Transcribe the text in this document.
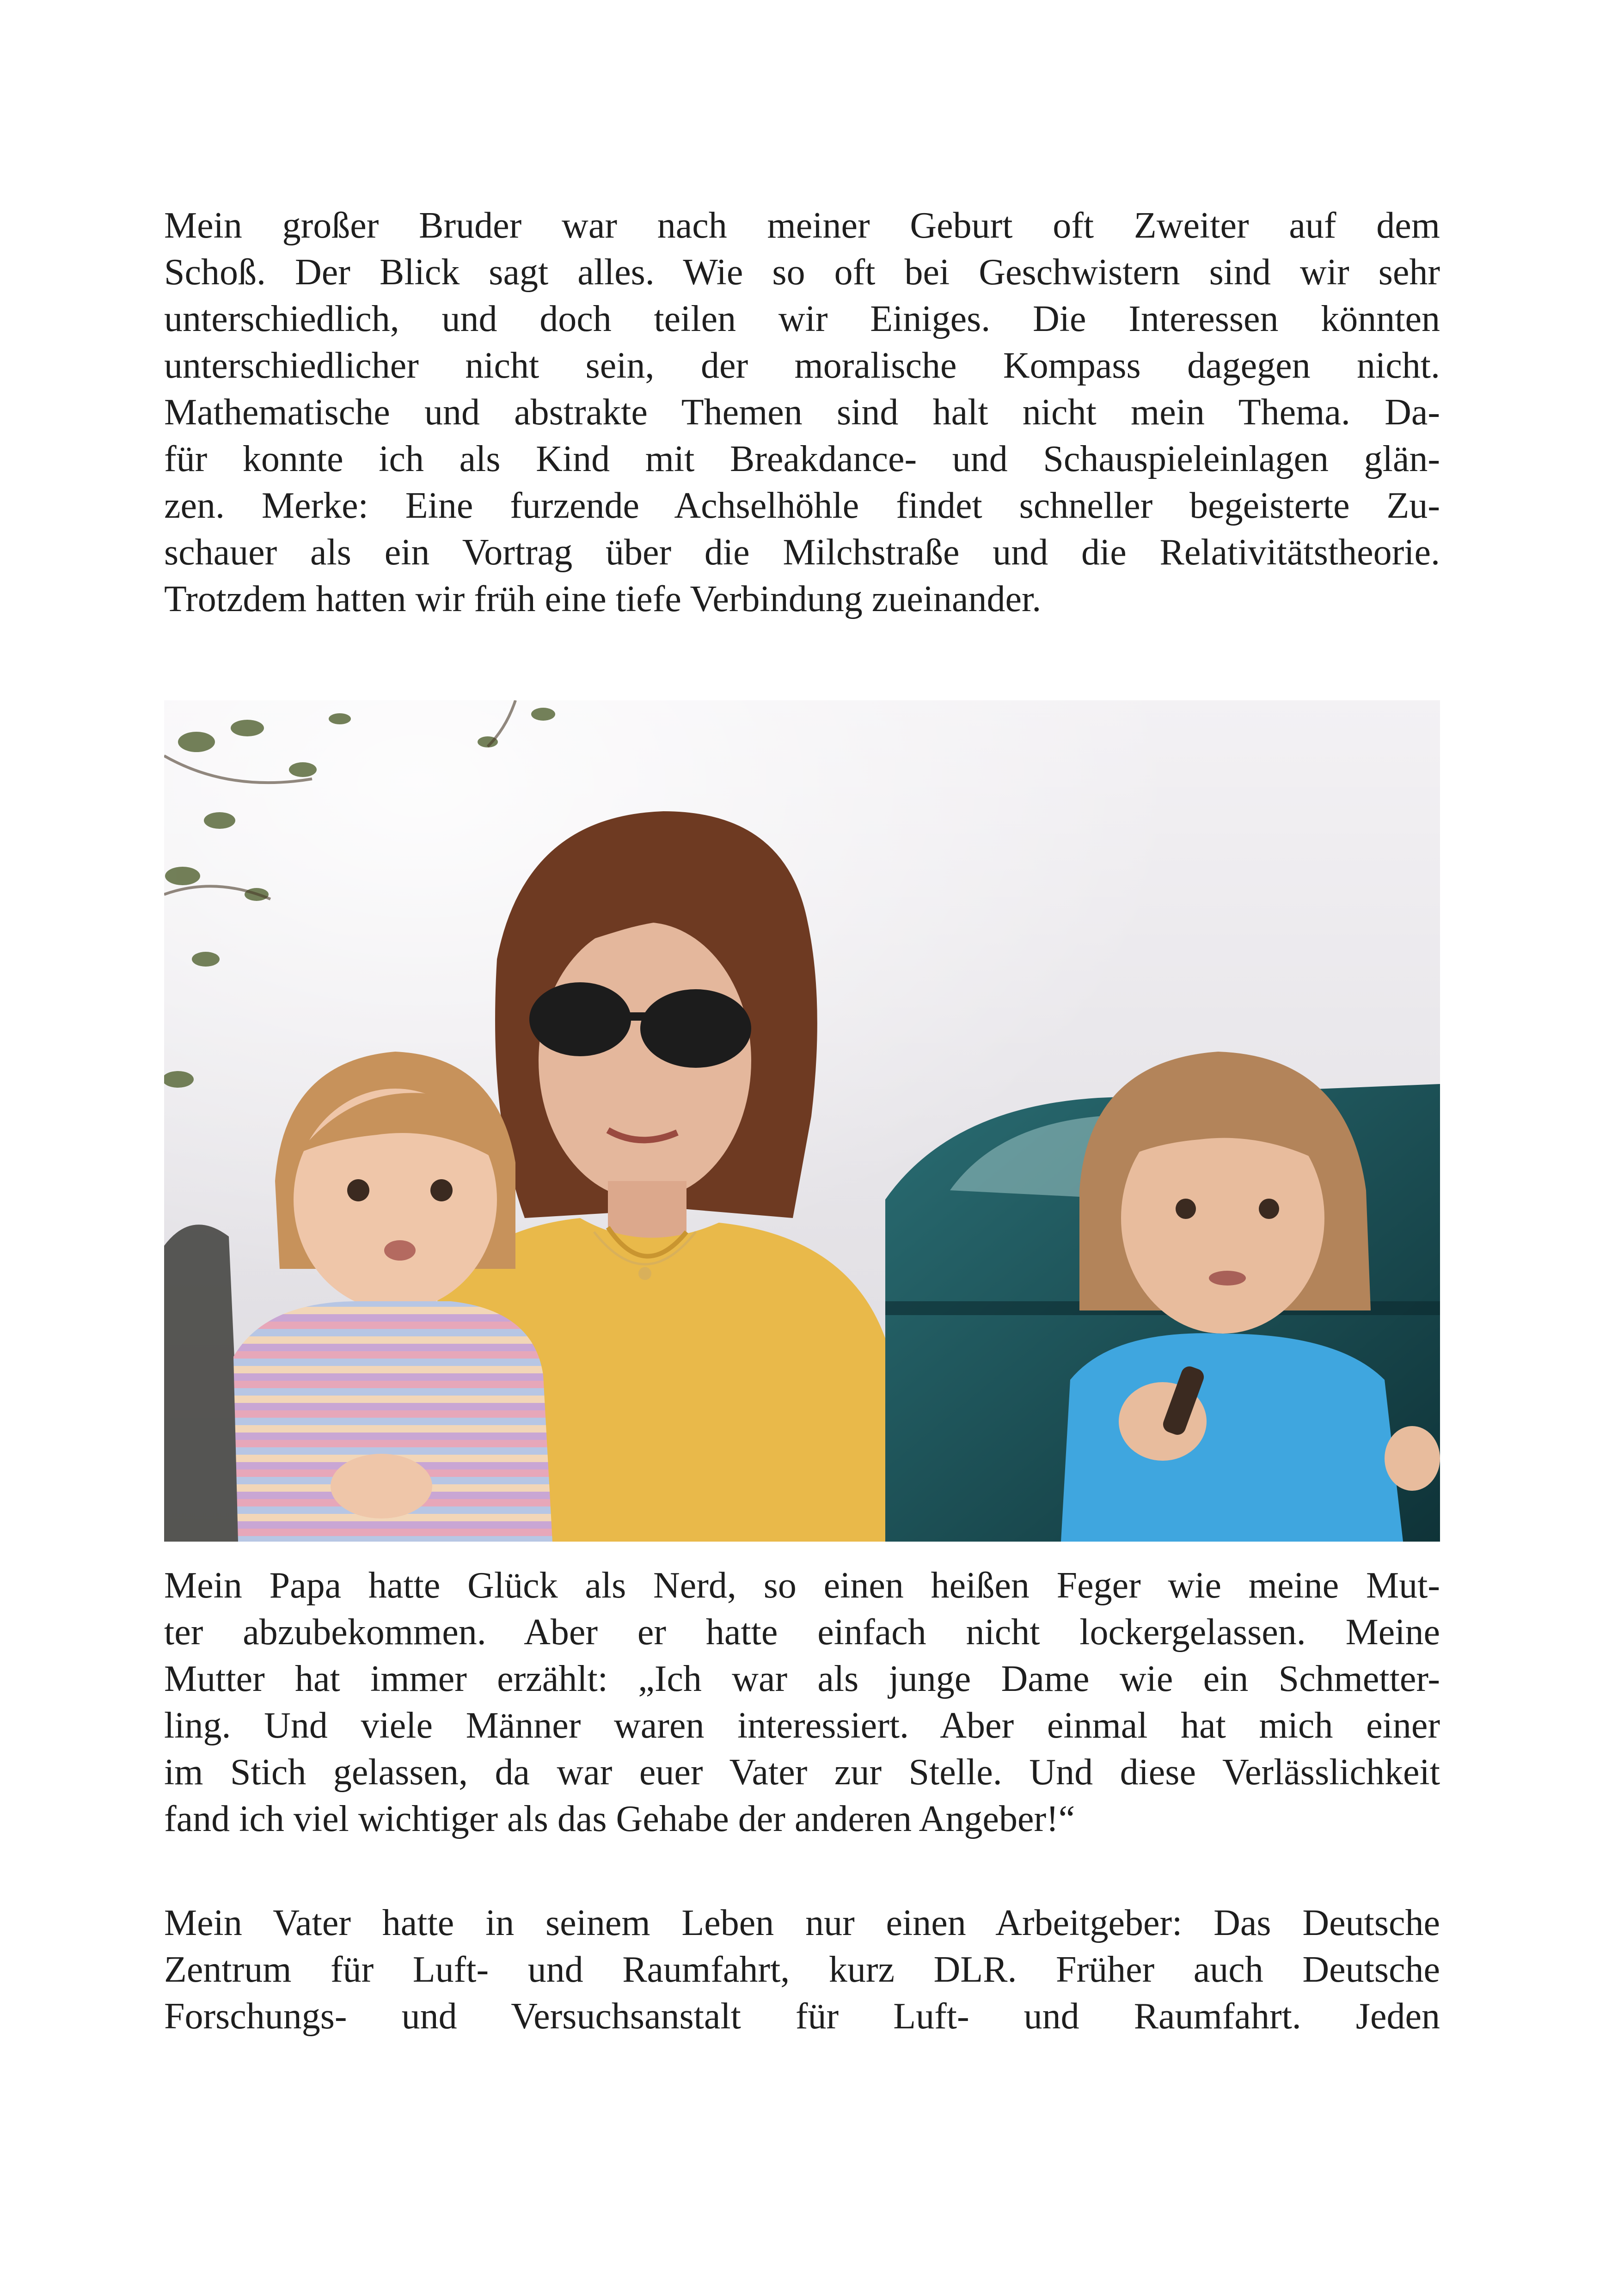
Mein großer Bruder war nach meiner Geburt oft Zweiter auf dem
Schoß. Der Blick sagt alles. Wie so oft bei Geschwistern sind wir sehr
unterschiedlich, und doch teilen wir Einiges. Die Interessen könnten
unterschiedlicher nicht sein, der moralische Kompass dagegen nicht.
Mathematische und abstrakte Themen sind halt nicht mein Thema. Da-
für konnte ich als Kind mit Breakdance- und Schauspieleinlagen glän-
zen. Merke: Eine furzende Achselhöhle findet schneller begeisterte Zu-
schauer als ein Vortrag über die Milchstraße und die Relativitätstheorie.
Trotzdem hatten wir früh eine tiefe Verbindung zueinander.
Mein Papa hatte Glück als Nerd, so einen heißen Feger wie meine Mut-
ter abzubekommen. Aber er hatte einfach nicht lockergelassen. Meine
Mutter hat immer erzählt: „Ich war als junge Dame wie ein Schmetter-
ling. Und viele Männer waren interessiert. Aber einmal hat mich einer
im Stich gelassen, da war euer Vater zur Stelle. Und diese Verlässlichkeit
fand ich viel wichtiger als das Gehabe der anderen Angeber!“
Mein Vater hatte in seinem Leben nur einen Arbeitgeber: Das Deutsche
Zentrum für Luft- und Raumfahrt, kurz DLR. Früher auch Deutsche
Forschungs- und Versuchsanstalt für Luft- und Raumfahrt. Jeden
